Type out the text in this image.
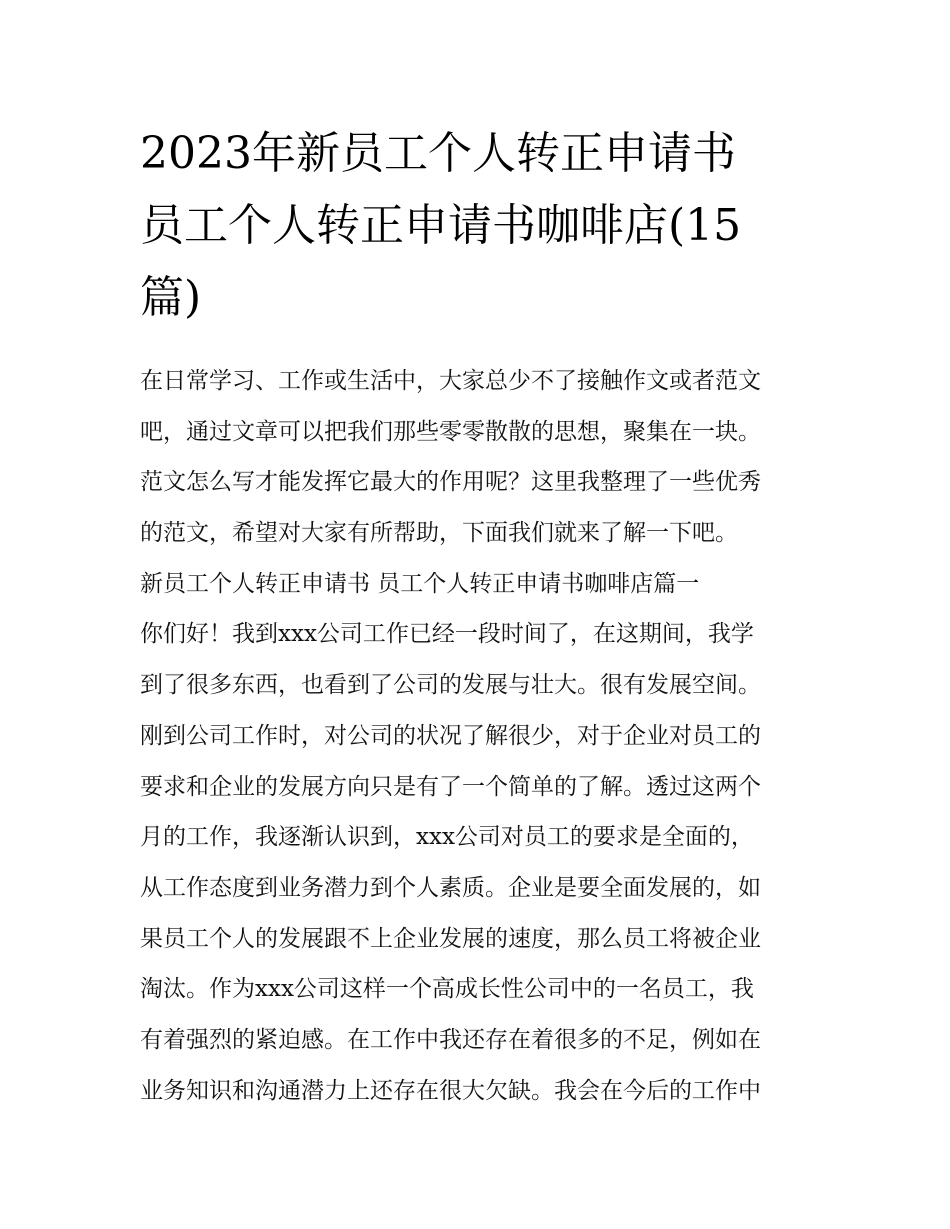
2023年新员工个人转正申请书
员工个人转正申请书咖啡店(15
篇)
在日常学习、工作或生活中，大家总少不了接触作文或者范文
吧，通过文章可以把我们那些零零散散的思想，聚集在一块。
范文怎么写才能发挥它最大的作用呢？这里我整理了一些优秀
的范文，希望对大家有所帮助，下面我们就来了解一下吧。
新员工个人转正申请书 员工个人转正申请书咖啡店篇一
你们好！我到xxx公司工作已经一段时间了，在这期间，我学
到了很多东西，也看到了公司的发展与壮大。很有发展空间。
刚到公司工作时，对公司的状况了解很少，对于企业对员工的
要求和企业的发展方向只是有了一个简单的了解。透过这两个
月的工作，我逐渐认识到，xxx公司对员工的要求是全面的，
从工作态度到业务潜力到个人素质。企业是要全面发展的，如
果员工个人的发展跟不上企业发展的速度，那么员工将被企业
淘汰。作为xxx公司这样一个高成长性公司中的一名员工，我
有着强烈的紧迫感。在工作中我还存在着很多的不足，例如在
业务知识和沟通潜力上还存在很大欠缺。我会在今后的工作中
